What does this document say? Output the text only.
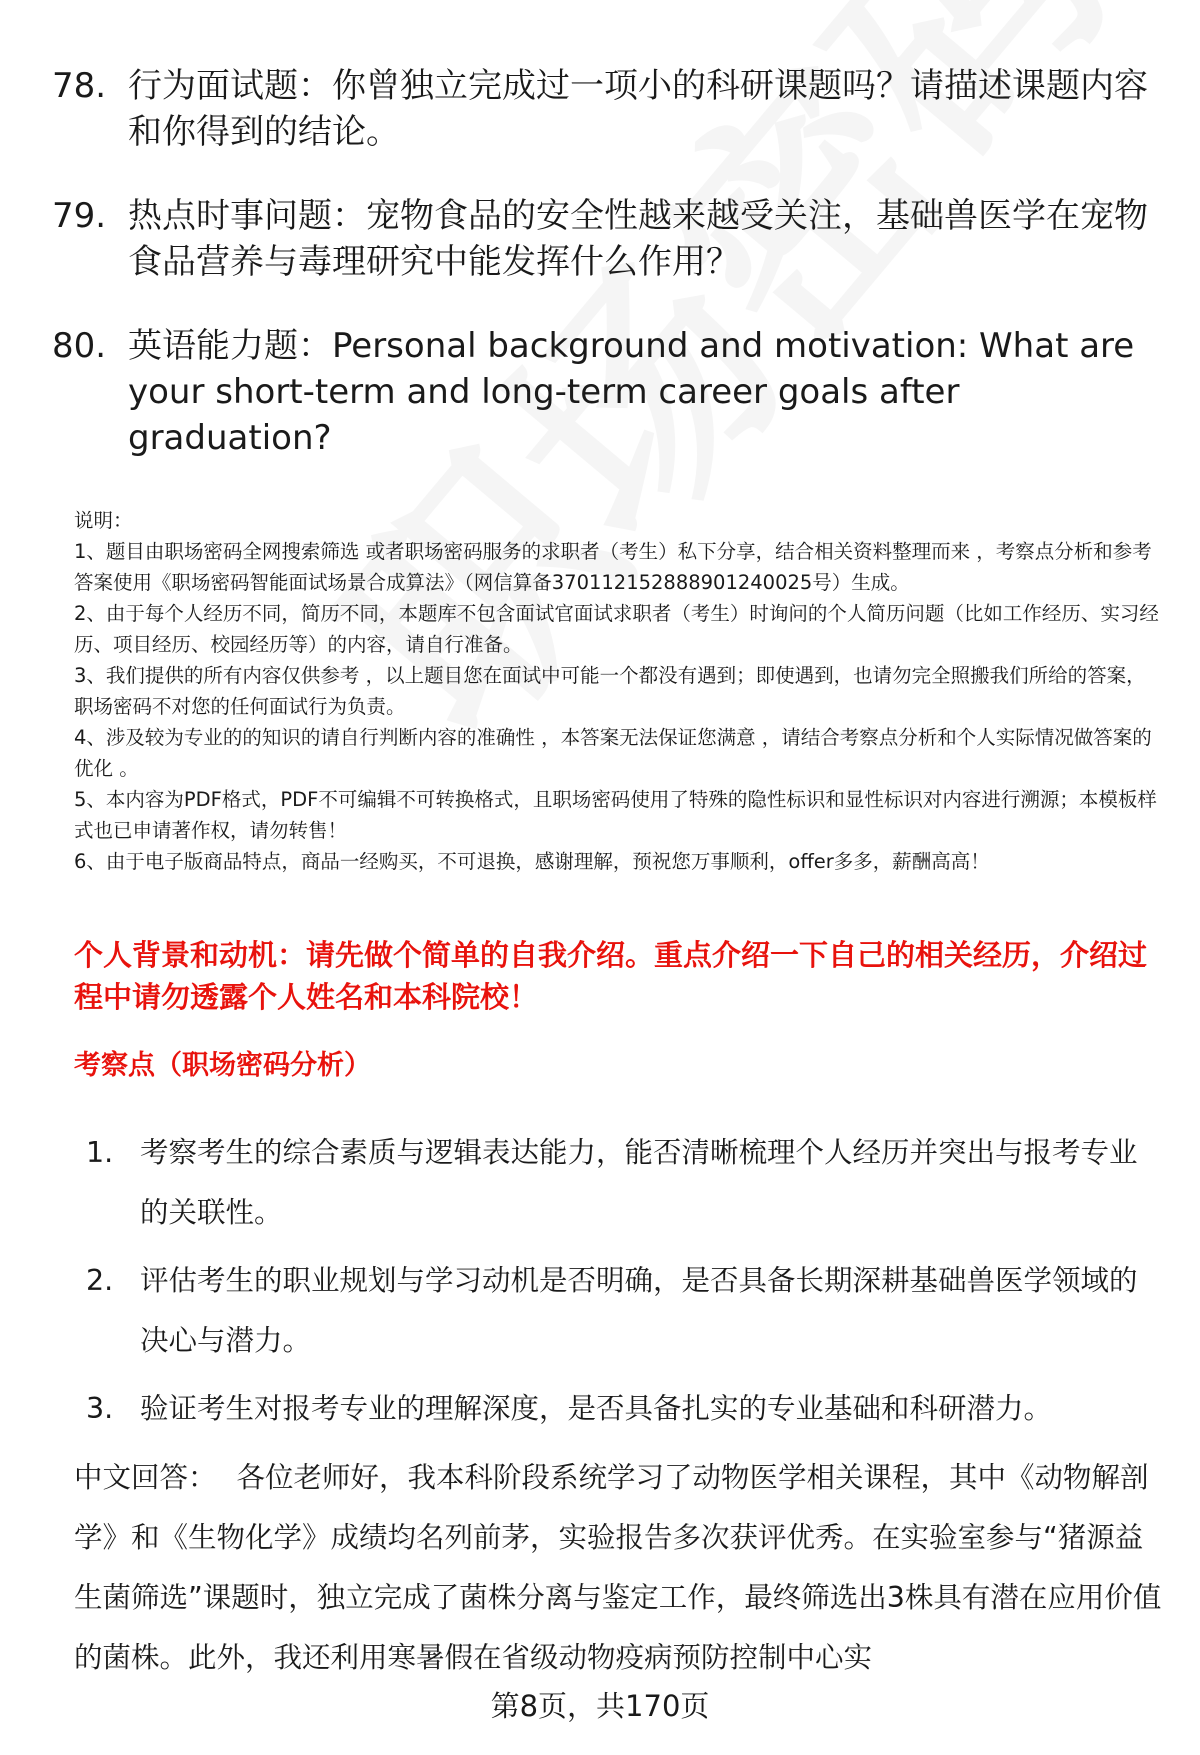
78. 行为面试题：你曾独立完成过一项小的科研课题吗？请描述课题内容和你得到的结论。
79. 热点时事问题：宠物食品的安全性越来越受关注，基础兽医学在宠物食品营养与毒理研究中能发挥什么作用？
80. 英语能力题：Personal background and motivation: What are your short-term and long-term career goals after graduation?

说明：

1、题目由职场密码全网搜索筛选 或者职场密码服务的求职者（考生）私下分享，结合相关资料整理而来 ，考察点分析和参考答案使用《职场密码智能面试场景合成算法》（网信算备370112152888901240025号）生成。

2、由于每个人经历不同，简历不同，本题库不包含面试官面试求职者（考生）时询问的个人简历问题（比如工作经历、实习经历、项目经历、校园经历等）的内容，请自行准备。

3、我们提供的所有内容仅供参考 ，以上题目您在面试中可能一个都没有遇到；即使遇到，也请勿完全照搬我们所给的答案，职场密码不对您的任何面试行为负责。

4、涉及较为专业的的知识的请自行判断内容的准确性 ，本答案无法保证您满意 ，请结合考察点分析和个人实际情况做答案的优化 。

5、本内容为PDF格式，PDF不可编辑不可转换格式，且职场密码使用了特殊的隐性标识和显性标识对内容进行溯源；本模板样式也已申请著作权，请勿转售！

6、由于电子版商品特点，商品一经购买，不可退换，感谢理解，预祝您万事顺利，offer多多，薪酬高高！

个人背景和动机：请先做个简单的自我介绍。重点介绍一下自己的相关经历，介绍过程中请勿透露个人姓名和本科院校！
考察点（职场密码分析）
1. 考察考生的综合素质与逻辑表达能力，能否清晰梳理个人经历并突出与报考专业的关联性。
2. 评估考生的职业规划与学习动机是否明确，是否具备长期深耕基础兽医学领域的决心与潜力。
3. 验证考生对报考专业的理解深度，是否具备扎实的专业基础和科研潜力。
中文回答： 各位老师好，我本科阶段系统学习了动物医学相关课程，其中《动物解剖学》和《生物化学》成绩均名列前茅，实验报告多次获评优秀。在实验室参与“猪源益生菌筛选”课题时，独立完成了菌株分离与鉴定工作，最终筛选出3株具有潜在应用价值的菌株。此外，我还利用寒暑假在省级动物疫病预防控制中心实
第8页，共170页
